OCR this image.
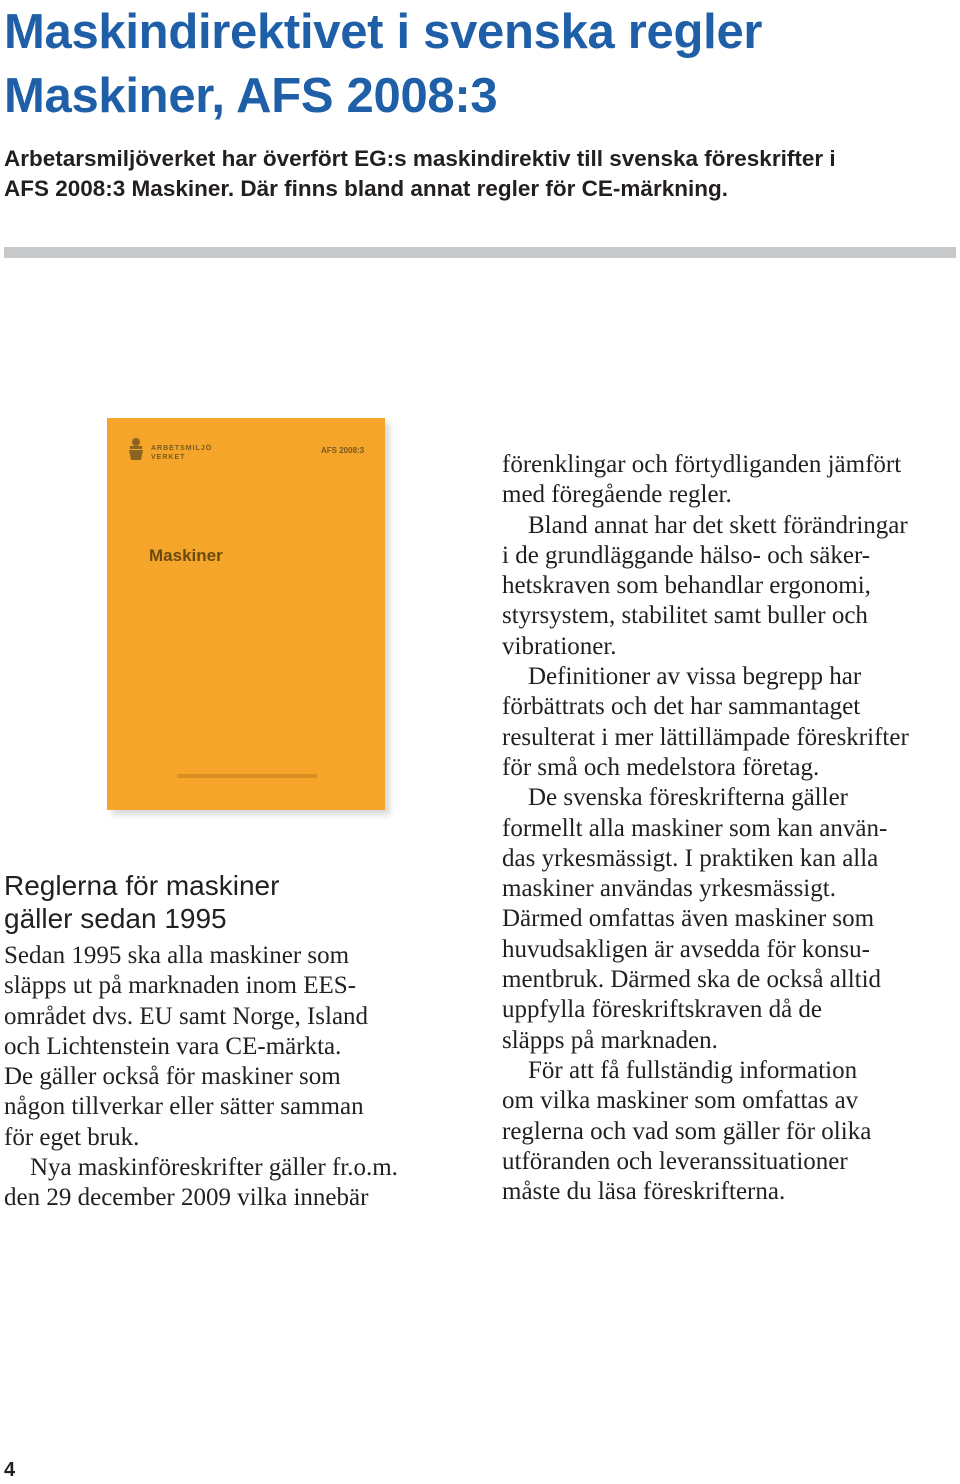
Maskindirektivet i svenska regler
Maskiner, AFS 2008:3
Arbetarsmiljöverket har överfört EG:s maskindirektiv till svenska föreskrifter i
AFS 2008:3 Maskiner. Där finns bland annat regler för CE-märkning.
ARBETSMILJÖ VERKET
AFS 2008:3
Maskiner
Reglerna för maskiner
gäller sedan 1995
Sedan 1995 ska alla maskiner som
släpps ut på marknaden inom EES-
området dvs. EU samt Norge, Island
och Lichtenstein vara CE-märkta.
De gäller också för maskiner som
någon tillverkar eller sätter samman
för eget bruk.
Nya maskinföreskrifter gäller fr.o.m.
den 29 december 2009 vilka innebär
förenklingar och förtydliganden jämfört
med föregående regler.
Bland annat har det skett förändringar
i de grundläggande hälso- och säker-
hetskraven som behandlar ergonomi,
styrsystem, stabilitet samt buller och
vibrationer.
Definitioner av vissa begrepp har
förbättrats och det har sammantaget
resulterat i mer lättillämpade föreskrifter
för små och medelstora företag.
De svenska föreskrifterna gäller
formellt alla maskiner som kan använ-
das yrkesmässigt. I praktiken kan alla
maskiner användas yrkesmässigt.
Därmed omfattas även maskiner som
huvudsakligen är avsedda för konsu-
mentbruk. Därmed ska de också alltid
uppfylla föreskriftskraven då de
släpps på marknaden.
För att få fullständig information
om vilka maskiner som omfattas av
reglerna och vad som gäller för olika
utföranden och leveranssituationer
måste du läsa föreskrifterna.
4
